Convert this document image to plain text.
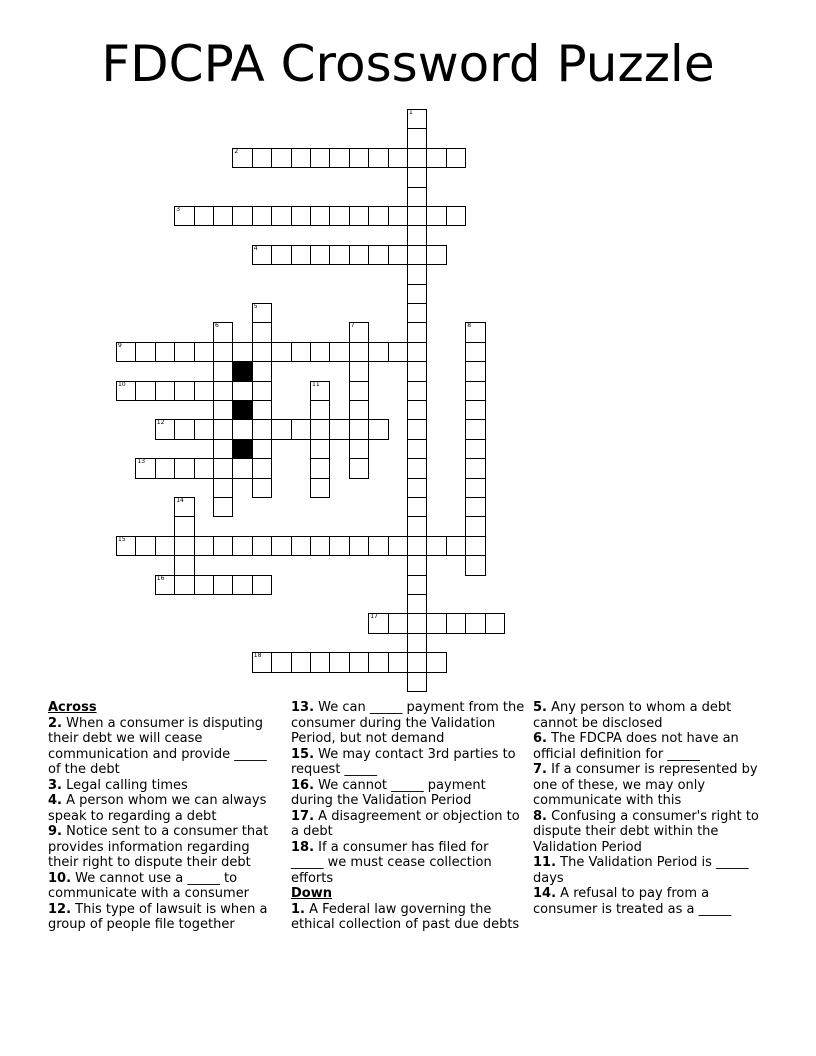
FDCPA Crossword Puzzle
1
2
3
4
5
6	7	8
9
10	11
12
13
14
15
16
17
18
Across
2. When a consumer is disputing their debt we will cease communication and provide _____ of the debt
3. Legal calling times
4. A person whom we can always speak to regarding a debt
9. Notice sent to a consumer that provides information regarding their right to dispute their debt
10. We cannot use a _____ to communicate with a consumer
12. This type of lawsuit is when a group of people file together
13. We can _____ payment from the consumer during the Validation Period, but not demand
15. We may contact 3rd parties to request _____
16. We cannot _____ payment during the Validation Period
17. A disagreement or objection to a debt
18. If a consumer has filed for _____ we must cease collection efforts
Down
1. A Federal law governing the ethical collection of past due debts
5. Any person to whom a debt cannot be disclosed
6. The FDCPA does not have an official definition for _____
7. If a consumer is represented by one of these, we may only communicate with this
8. Confusing a consumer's right to dispute their debt within the Validation Period
11. The Validation Period is _____ days
14. A refusal to pay from a consumer is treated as a _____
